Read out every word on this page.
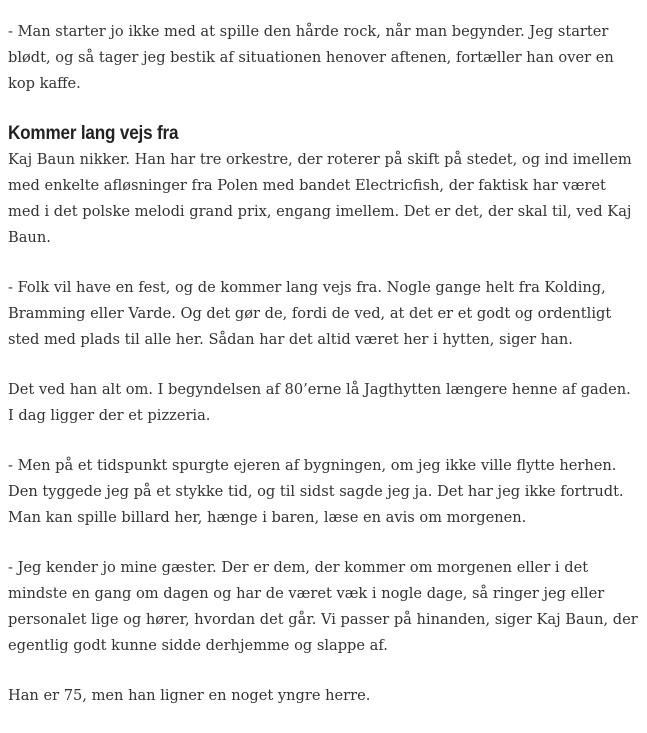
- Man starter jo ikke med at spille den hårde rock, når man begynder. Jeg starter blødt, og så tager jeg bestik af situationen henover aftenen, fortæller han over en kop kaffe.

Kommer lang vejs fra

Kaj Baun nikker. Han har tre orkestre, der roterer på skift på stedet, og ind imellem med enkelte afløsninger fra Polen med bandet Electricfish, der faktisk har været med i det polske melodi grand prix, engang imellem. Det er det, der skal til, ved Kaj Baun.

- Folk vil have en fest, og de kommer lang vejs fra. Nogle gange helt fra Kolding, Bramming eller Varde. Og det gør de, fordi de ved, at det er et godt og ordentligt sted med plads til alle her. Sådan har det altid været her i hytten, siger han.

Det ved han alt om. I begyndelsen af 80’erne lå Jagthytten længere henne af gaden. I dag ligger der et pizzeria.

- Men på et tidspunkt spurgte ejeren af bygningen, om jeg ikke ville flytte herhen. Den tyggede jeg på et stykke tid, og til sidst sagde jeg ja. Det har jeg ikke fortrudt. Man kan spille billard her, hænge i baren, læse en avis om morgenen.

- Jeg kender jo mine gæster. Der er dem, der kommer om morgenen eller i det mindste en gang om dagen og har de været væk i nogle dage, så ringer jeg eller personalet lige og hører, hvordan det går. Vi passer på hinanden, siger Kaj Baun, der egentlig godt kunne sidde derhjemme og slappe af.

Han er 75, men han ligner en noget yngre herre.
